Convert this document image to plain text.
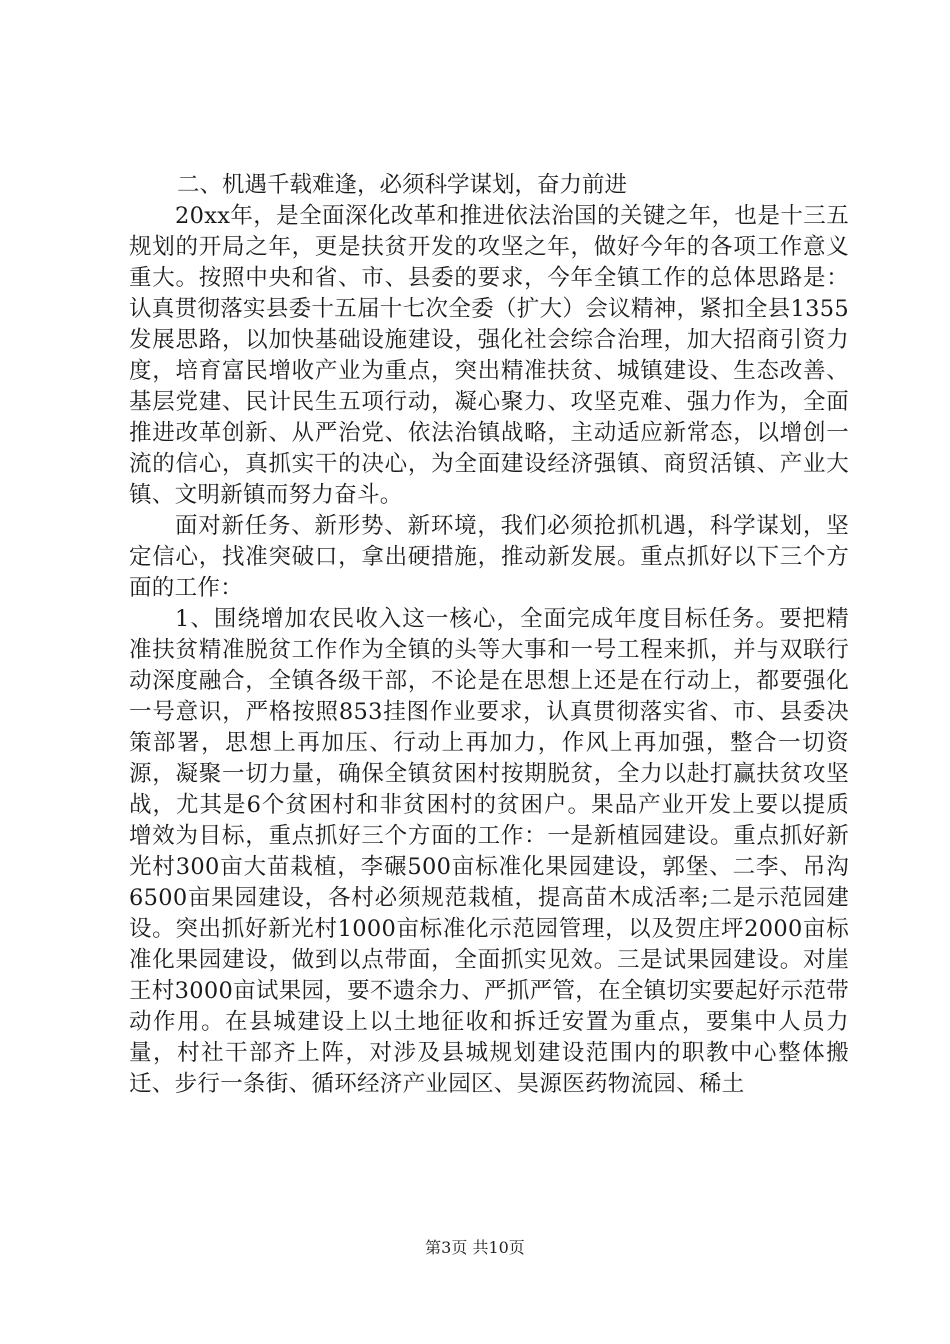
二、机遇千载难逢，必须科学谋划，奋力前进

20xx年，是全面深化改革和推进依法治国的关键之年，也是十三五规划的开局之年，更是扶贫开发的攻坚之年，做好今年的各项工作意义重大。按照中央和省、市、县委的要求，今年全镇工作的总体思路是：认真贯彻落实县委十五届十七次全委（扩大）会议精神，紧扣全县1355发展思路，以加快基础设施建设，强化社会综合治理，加大招商引资力度，培育富民增收产业为重点，突出精准扶贫、城镇建设、生态改善、基层党建、民计民生五项行动，凝心聚力、攻坚克难、强力作为，全面推进改革创新、从严治党、依法治镇战略，主动适应新常态，以增创一流的信心，真抓实干的决心，为全面建设经济强镇、商贸活镇、产业大镇、文明新镇而努力奋斗。

面对新任务、新形势、新环境，我们必须抢抓机遇，科学谋划，坚定信心，找准突破口，拿出硬措施，推动新发展。重点抓好以下三个方面的工作：

1、围绕增加农民收入这一核心，全面完成年度目标任务。要把精准扶贫精准脱贫工作作为全镇的头等大事和一号工程来抓，并与双联行动深度融合，全镇各级干部，不论是在思想上还是在行动上，都要强化一号意识，严格按照853挂图作业要求，认真贯彻落实省、市、县委决策部署，思想上再加压、行动上再加力，作风上再加强，整合一切资源，凝聚一切力量，确保全镇贫困村按期脱贫，全力以赴打赢扶贫攻坚战，尤其是6个贫困村和非贫困村的贫困户。果品产业开发上要以提质增效为目标，重点抓好三个方面的工作：一是新植园建设。重点抓好新光村300亩大苗栽植，李碾500亩标准化果园建设，郭堡、二李、吊沟6500亩果园建设，各村必须规范栽植，提高苗木成活率;二是示范园建设。突出抓好新光村1000亩标准化示范园管理，以及贺庄坪2000亩标准化果园建设，做到以点带面，全面抓实见效。三是试果园建设。对崖王村3000亩试果园，要不遗余力、严抓严管，在全镇切实要起好示范带动作用。在县城建设上以土地征收和拆迁安置为重点，要集中人员力量，村社干部齐上阵，对涉及县城规划建设范围内的职教中心整体搬迁、步行一条街、循环经济产业园区、昊源医药物流园、稀土

第3页 共10页
